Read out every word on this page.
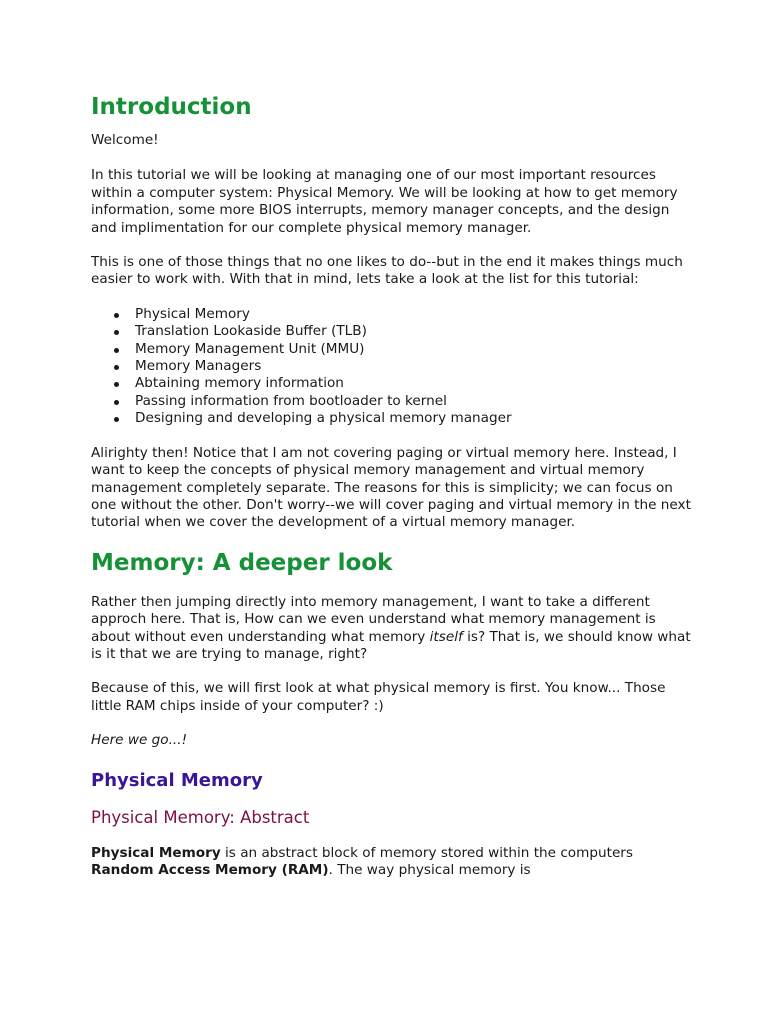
Introduction

Welcome!

In this tutorial we will be looking at managing one of our most important resources within a computer system: Physical Memory. We will be looking at how to get memory information, some more BIOS interrupts, memory manager concepts, and the design and implimentation for our complete physical memory manager.

This is one of those things that no one likes to do--but in the end it makes things much easier to work with. With that in mind, lets take a look at the list for this tutorial:

Physical Memory
Translation Lookaside Buffer (TLB)
Memory Management Unit (MMU)
Memory Managers
Abtaining memory information
Passing information from bootloader to kernel
Designing and developing a physical memory manager

Alirighty then! Notice that I am not covering paging or virtual memory here. Instead, I want to keep the concepts of physical memory management and virtual memory management completely separate. The reasons for this is simplicity; we can focus on one without the other. Don't worry--we will cover paging and virtual memory in the next tutorial when we cover the development of a virtual memory manager.

Memory: A deeper look

Rather then jumping directly into memory management, I want to take a different approch here. That is, How can we even understand what memory management is about without even understanding what memory itself is? That is, we should know what is it that we are trying to manage, right?

Because of this, we will first look at what physical memory is first. You know... Those little RAM chips inside of your computer? :)

Here we go...!

Physical Memory
Physical Memory: Abstract

Physical Memory is an abstract block of memory stored within the computers Random Access Memory (RAM). The way physical memory is
